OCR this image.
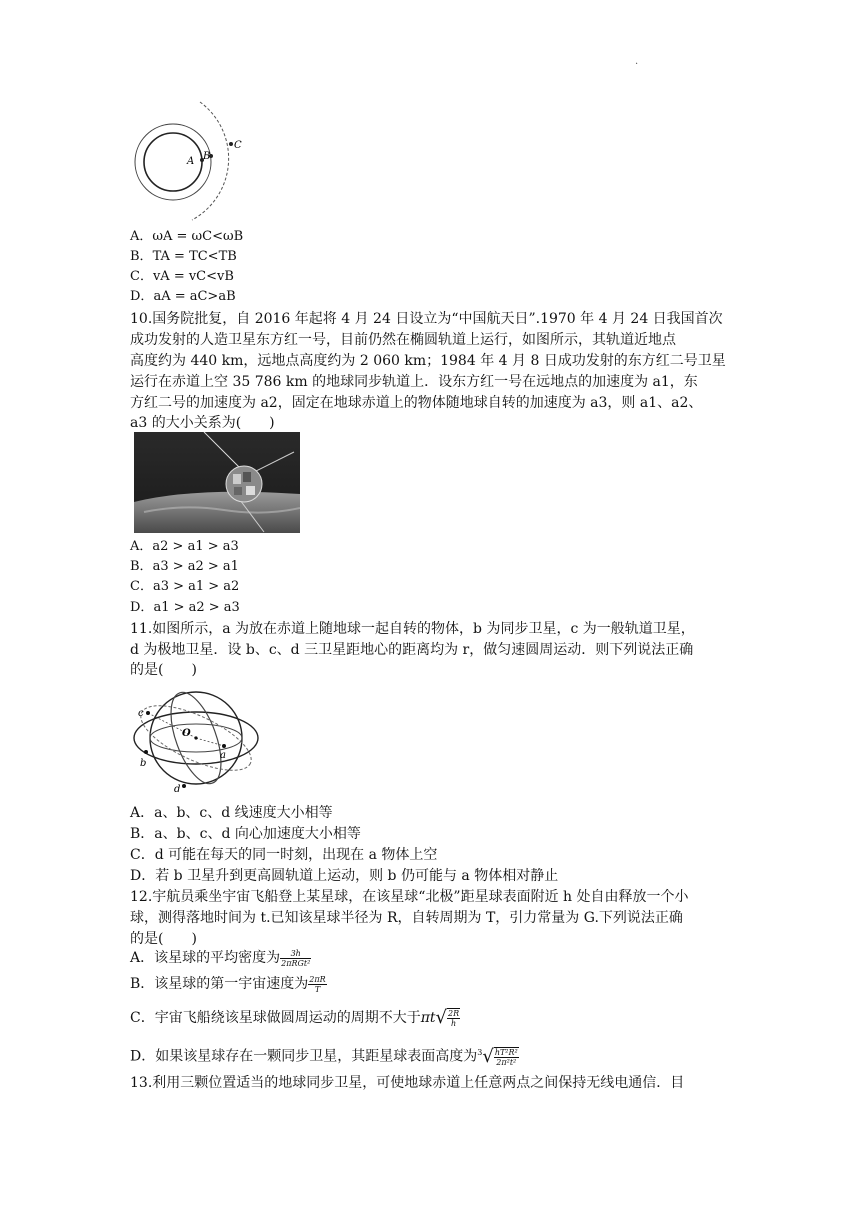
.
A B
C
A．ωA = ωC<ωB
B．TA = TC<TB
C．vA = vC<vB
D．aA = aC>aB
10.国务院批复，自 2016 年起将 4 月 24 日设立为“中国航天日”.1970 年 4 月 24 日我国首次
成功发射的人造卫星东方红一号，目前仍然在椭圆轨道上运行，如图所示，其轨道近地点
高度约为 440 km，远地点高度约为 2 060 km；1984 年 4 月 8 日成功发射的东方红二号卫星
运行在赤道上空 35 786 km 的地球同步轨道上．设东方红一号在远地点的加速度为 a1，东
方红二号的加速度为 a2，固定在地球赤道上的物体随地球自转的加速度为 a3，则 a1、a2、
a3 的大小关系为(　　)
A．a2 > a1 > a3
B．a3 > a2 > a1
C．a3 > a1 > a2
D．a1 > a2 > a3
11.如图所示，a 为放在赤道上随地球一起自转的物体，b 为同步卫星，c 为一般轨道卫星，
d 为极地卫星．设 b、c、d 三卫星距地心的距离均为 r，做匀速圆周运动．则下列说法正确
的是(　　)
c
b
d
O
a
A．a、b、c、d 线速度大小相等
B．a、b、c、d 向心加速度大小相等
C．d 可能在每天的同一时刻，出现在 a 物体上空
D．若 b 卫星升到更高圆轨道上运动，则 b 仍可能与 a 物体相对静止
12.宇航员乘坐宇宙飞船登上某星球，在该星球“北极”距星球表面附近 h 处自由释放一个小
球，测得落地时间为 t.已知该星球半径为 R，自转周期为 T，引力常量为 G.下列说法正确
的是(　　)
A．该星球的平均密度为 $\frac{3h}{\text{2πRGt²}}$
B．该星球的第一宇宙速度为 $\frac{2\pi R}{T}$
C．宇宙飞船绕该星球做圆周运动的周期不大于$\pi t√ \frac{2R}{h}$
D．如果该星球存在一颗同步卫星，其距星球表面高度为$^3√ \frac{\text{hT²R²}}{\text{2π²t²}}$
13.利用三颗位置适当的地球同步卫星，可使地球赤道上任意两点之间保持无线电通信．目
